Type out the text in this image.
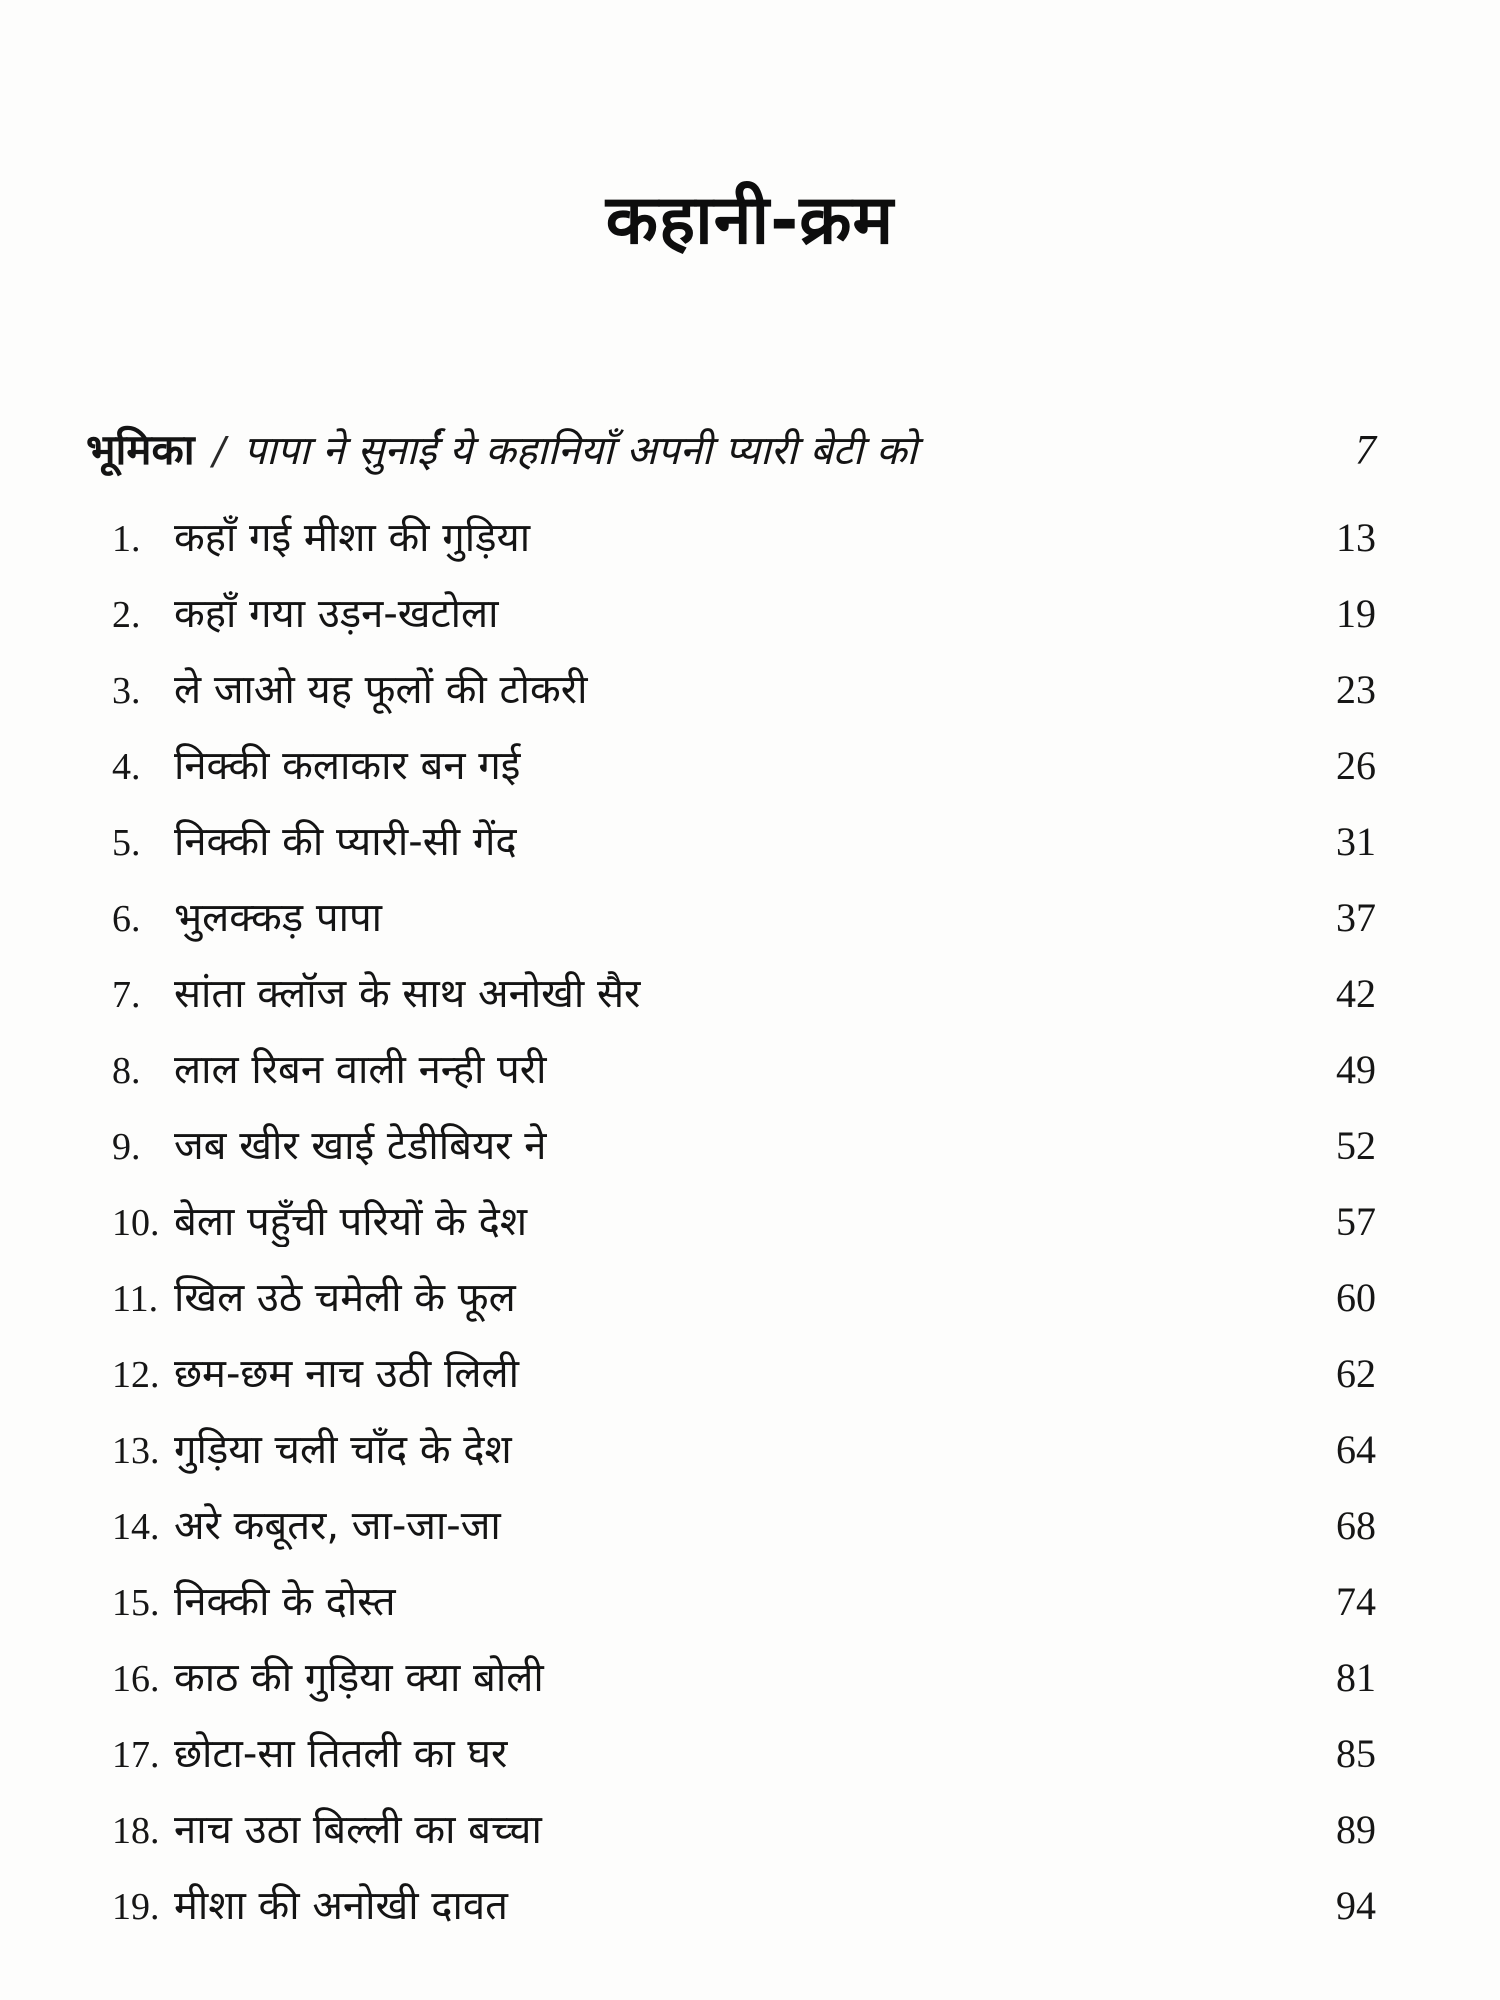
कहानी-क्रम
भूमिका / पापा ने सुनाईं ये कहानियाँ अपनी प्यारी बेटी को	7
1. कहाँ गई मीशा की गुड़िया	13
2. कहाँ गया उड़न-खटोला	19
3. ले जाओ यह फूलों की टोकरी	23
4. निक्की कलाकार बन गई	26
5. निक्की की प्यारी-सी गेंद	31
6. भुलक्कड़ पापा	37
7. सांता क्लॉज के साथ अनोखी सैर	42
8. लाल रिबन वाली नन्ही परी	49
9. जब खीर खाई टेडीबियर ने	52
10. बेला पहुँची परियों के देश	57
11. खिल उठे चमेली के फूल	60
12. छम-छम नाच उठी लिली	62
13. गुड़िया चली चाँद के देश	64
14. अरे कबूतर, जा-जा-जा	68
15. निक्की के दोस्त	74
16. काठ की गुड़िया क्या बोली	81
17. छोटा-सा तितली का घर	85
18. नाच उठा बिल्ली का बच्चा	89
19. मीशा की अनोखी दावत	94
